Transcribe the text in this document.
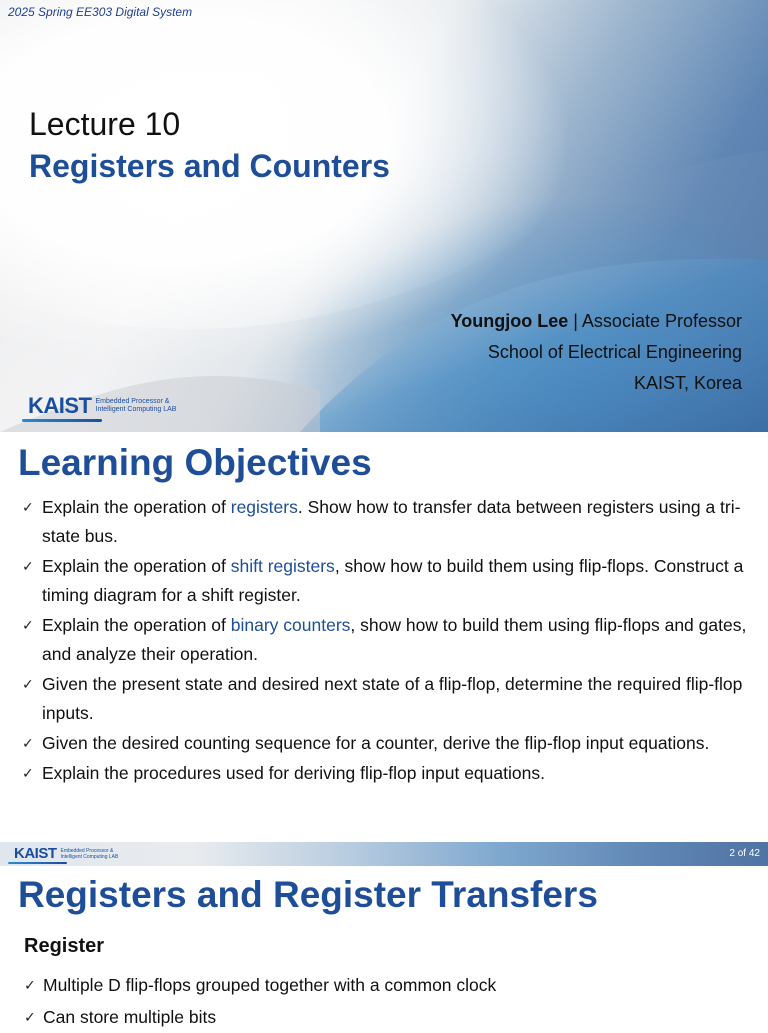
2025 Spring EE303 Digital System
Lecture 10
Registers and Counters
Youngjoo Lee | Associate Professor
School of Electrical Engineering
KAIST, Korea
KAIST Embedded Processor &
Intelligent Computing LAB
Learning Objectives
✓ Explain the operation of registers. Show how to transfer data between registers using a tri-state bus.
✓ Explain the operation of shift registers, show how to build them using flip-flops. Construct a timing diagram for a shift register.
✓ Explain the operation of binary counters, show how to build them using flip-flops and gates, and analyze their operation.
✓ Given the present state and desired next state of a flip-flop, determine the required flip-flop inputs.
✓ Given the desired counting sequence for a counter, derive the flip-flop input equations.
✓ Explain the procedures used for deriving flip-flop input equations.
KAIST Embedded Processor &
Intelligent Computing LAB	2 of 42
Registers and Register Transfers
Register
✓ Multiple D flip-flops grouped together with a common clock
✓ Can store multiple bits
